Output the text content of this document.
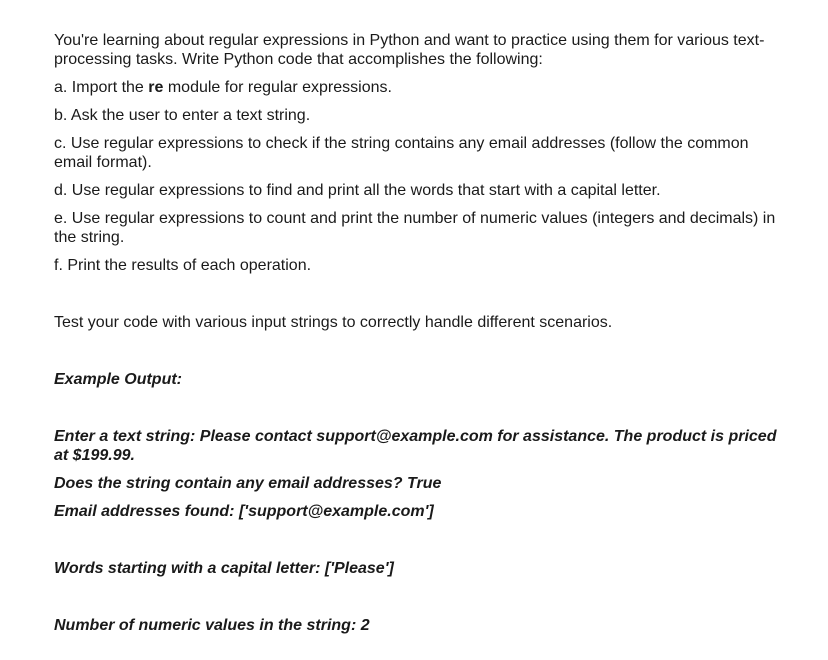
You're learning about regular expressions in Python and want to practice using them for various text-processing tasks. Write Python code that accomplishes the following:

a. Import the re module for regular expressions.

b. Ask the user to enter a text string.

c. Use regular expressions to check if the string contains any email addresses (follow the common email format).

d. Use regular expressions to find and print all the words that start with a capital letter.

e. Use regular expressions to count and print the number of numeric values (integers and decimals) in the string.

f. Print the results of each operation.

Test your code with various input strings to correctly handle different scenarios.

Example Output:

Enter a text string: Please contact support@example.com for assistance. The product is priced at $199.99.

Does the string contain any email addresses? True

Email addresses found: ['support@example.com']

Words starting with a capital letter: ['Please']

Number of numeric values in the string: 2
